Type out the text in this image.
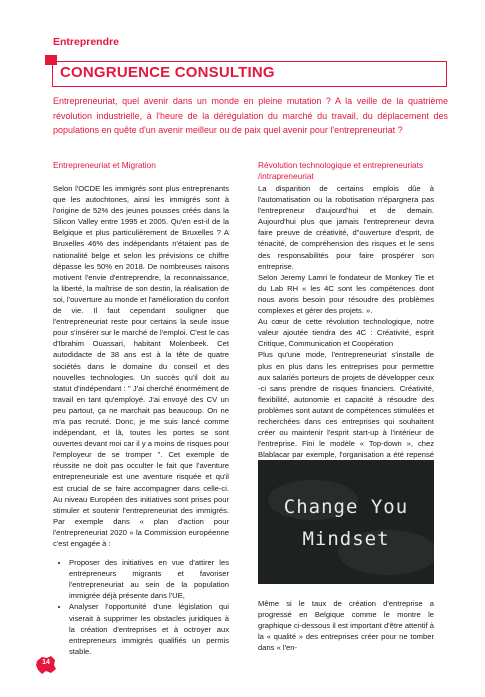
Entreprendre
CONGRUENCE CONSULTING
Entrepreneuriat, quel avenir dans un monde en pleine mutation ? A la veille de la quatrième révolution industrielle, à l'heure de la dérégulation du marché du travail, du déplacement des populations en quête d'un avenir meilleur ou de paix quel avenir pour l'entrepreneuriat ?
Entrepreneuriat et Migration	Révolution technologique et entrepreneuriats /intrapreneuriat

Selon l'OCDE les immigrés sont plus entreprenants que les autochtones, ainsi les immigrés sont à l'origine de 52% des jeunes pousses créés dans la Silicon Valley entre 1995 et 2005. Qu'en est-il de la Belgique et plus particulièrement de Bruxelles ? A Bruxelles 46% des indépendants n'étaient pas de nationalité belge et selon les prévisions ce chiffre dépasse les 50% en 2018. De nombreuses raisons motivent l'envie d'entreprendre, la reconnaissance, la liberté, la maîtrise de son destin, la réalisation de soi, l'ouverture au monde et l'amélioration du confort de vie. Il faut cependant souligner que l'entrepreneuriat reste pour certains la seule issue pour s'insérer sur le marché de l'emploi. C'est le cas d'Ibrahim Ouassari, habitant Molenbeek. Cet autodidacte de 38 ans est à la tête de quatre sociétés dans le domaine du conseil et des nouvelles technologies. Un succès qu'il doit au statut d'indépendant : " J'ai cherché énormément de travail en tant qu'employé. J'ai envoyé des CV un peu partout, ça ne marchait pas beaucoup. On ne m'a pas recruté. Donc, je me suis lancé comme indépendant, et là, toutes les portes se sont ouvertes devant moi car il y a moins de risques pour l'employeur de se tromper ". Cet exemple de réussite ne doit pas occulter le fait que l'aventure entrepreneuriale est une aventure risquée et qu'il est crucial de se faire accompagner dans celle-ci. Au niveau Européen des initiatives sont prises pour stimuler et soutenir l'entrepreneuriat des immigrés. Par exemple dans « plan d'action pour l'entrepreneuriat 2020 » la Commission européenne c'est engagée à :

• Proposer des initiatives en vue d'attirer les entrepreneurs migrants et favoriser l'entrepreneuriat au sein de la population immigrée déjà présente dans l'UE,
• Analyser l'opportunité d'une législation qui viserait à supprimer les obstacles juridiques à la création d'entreprises et à octroyer aux entrepreneurs immigrés qualifiés un permis stable.

La disparition de certains emplois dûe à l'automatisation ou la robotisation n'épargnera pas l'entrepreneur d'aujourd'hui et de demain. Aujourd'hui plus que jamais l'entrepreneur devra faire preuve de créativité, d"ouverture d'esprit, de ténacité, de compréhension des risques et le sens des responsabilités pour faire prospérer son entreprise.
Selon Jeremy Lamri le fondateur de Monkey Tie et du Lab RH « les 4C sont les compétences dont nous avons besoin pour résoudre des problèmes complexes et gérer des projets. ».
Au cœur de cette révolution technologique, notre valeur ajoutée tiendra des 4C : Créativité, esprit Critique, Communication et Coopération
Plus qu'une mode, l'entrepreneuriat s'installe de plus en plus dans les entreprises pour permettre aux salariés porteurs de projets de développer ceux -ci sans prendre de risques financiers. Créativité, flexibilité, autonomie et capacité à résoudre des problèmes sont autant de compétences stimulées et recherchées dans ces entreprises qui souhaitent créer ou maintenir l'esprit start-up à l'intérieur de l'entreprise. Fini le modèle « Top-down », chez Blablacar par exemple, l'organisation a été repensé

Change You
Mindset
Même si le taux de création d'entreprise a progressé en Belgique comme le montre le graphique ci-dessous il est important d'être attentif à la « qualité » des entreprises créer pour ne tomber dans « l'en-
14
